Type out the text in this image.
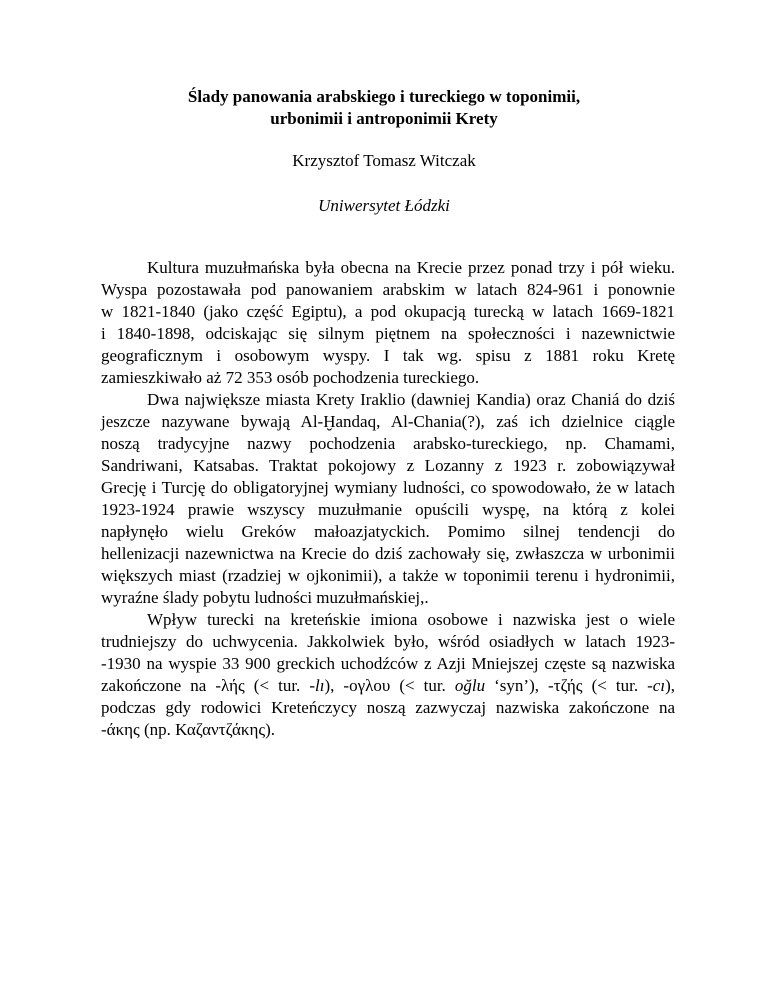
Ślady panowania arabskiego i tureckiego w toponimii,
urbonimii i antroponimii Krety
Krzysztof Tomasz Witczak
Uniwersytet Łódzki
Kultura muzułmańska była obecna na Krecie przez ponad trzy i pół wieku.
Wyspa pozostawała pod panowaniem arabskim w latach 824-961 i ponownie
w 1821-1840 (jako część Egiptu), a pod okupacją turecką w latach 1669-1821
i 1840-1898, odciskając się silnym piętnem na społeczności i nazewnictwie
geograficznym i osobowym wyspy. I tak wg. spisu z 1881 roku Kretę
zamieszkiwało aż 72 353 osób pochodzenia tureckiego.
Dwa największe miasta Krety Iraklio (dawniej Kandia) oraz Chaniá do dziś
jeszcze nazywane bywają Al-Ḫandaq, Al-Chania(?), zaś ich dzielnice ciągle
noszą tradycyjne nazwy pochodzenia arabsko-tureckiego, np. Chamami,
Sandriwani, Katsabas. Traktat pokojowy z Lozanny z 1923 r. zobowiązywał
Grecję i Turcję do obligatoryjnej wymiany ludności, co spowodowało, że w latach
1923-1924 prawie wszyscy muzułmanie opuścili wyspę, na którą z kolei
napłynęło wielu Greków małoazjatyckich. Pomimo silnej tendencji do
hellenizacji nazewnictwa na Krecie do dziś zachowały się, zwłaszcza w urbonimii
większych miast (rzadziej w ojkonimii), a także w toponimii terenu i hydronimii,
wyraźne ślady pobytu ludności muzułmańskiej,.
Wpływ turecki na kreteńskie imiona osobowe i nazwiska jest o wiele
trudniejszy do uchwycenia. Jakkolwiek było, wśród osiadłych w latach 1923-
-1930 na wyspie 33 900 greckich uchodźców z Azji Mniejszej częste są nazwiska
zakończone na -λής (< tur. -lı), -ογλου (< tur. oğlu ‘syn’), -τζής (< tur. -cı),
podczas gdy rodowici Kreteńczycy noszą zazwyczaj nazwiska zakończone na
-άκης (np. Καζαντζάκης).
